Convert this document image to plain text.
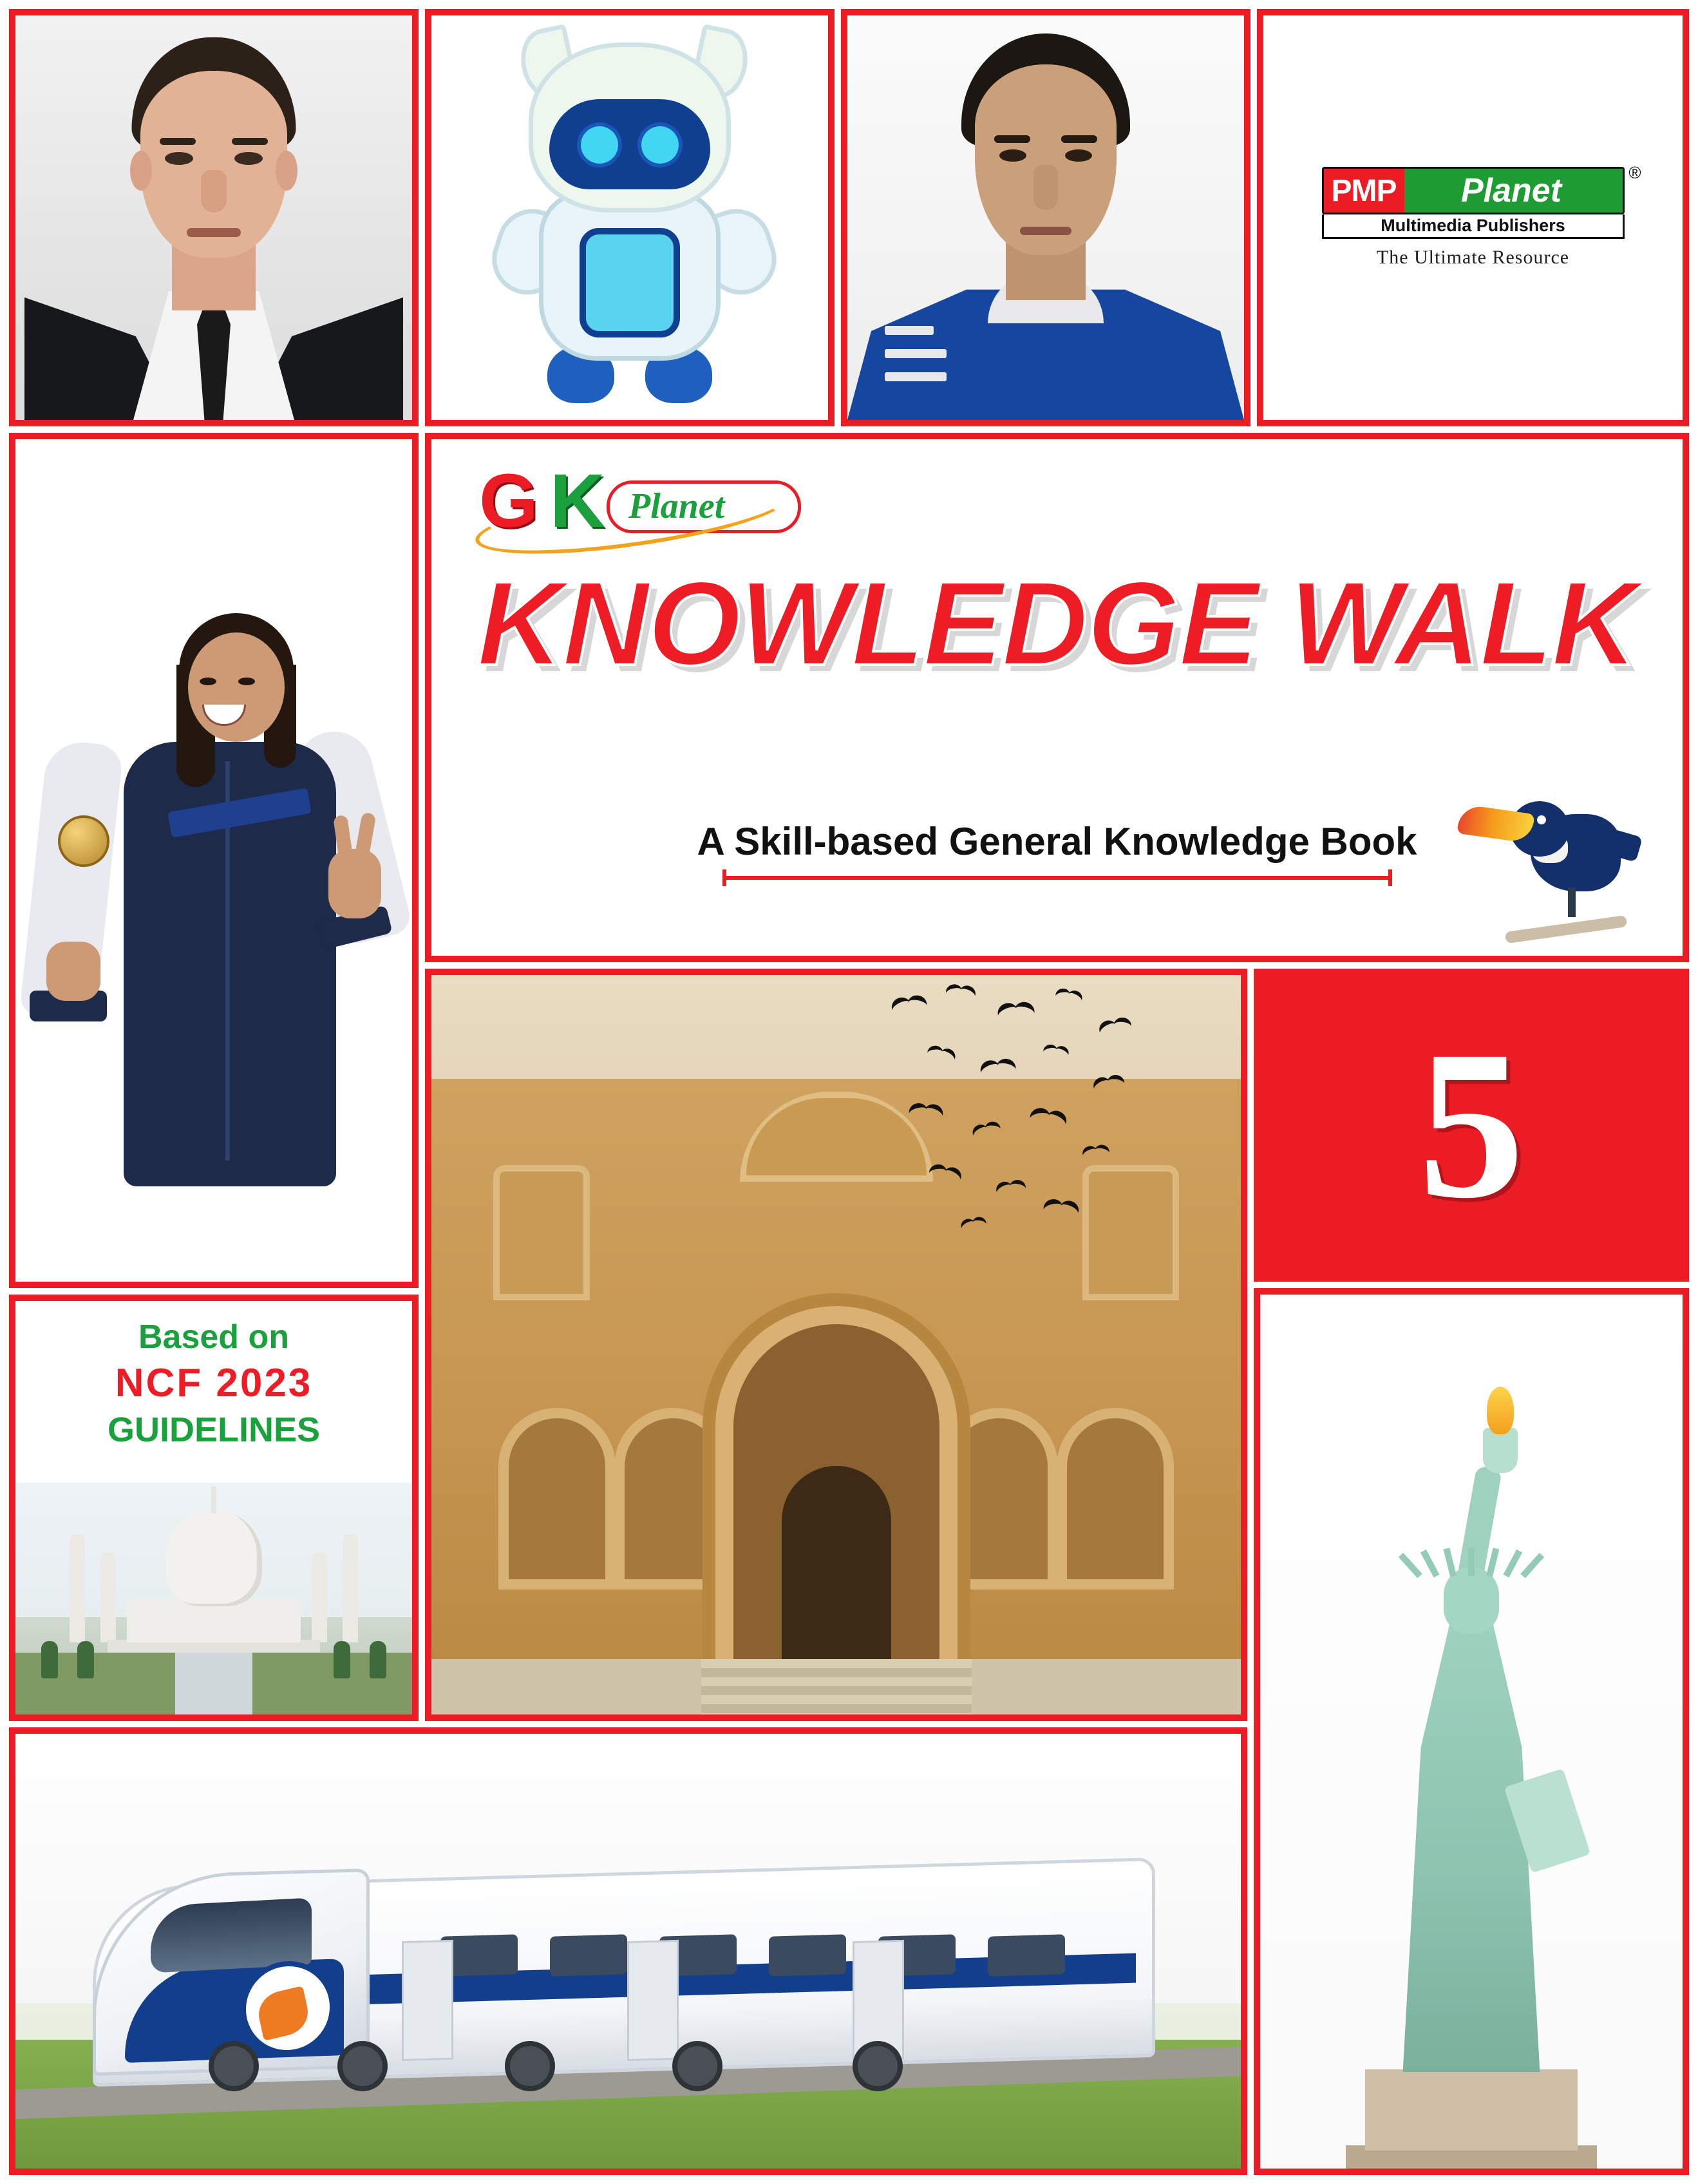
PMP	Planet	®
Multimedia Publishers
The Ultimate Resource
G K Planet
KNOWLEDGE WALK
A Skill-based General Knowledge Book
Based on
NCF 2023
GUIDELINES
5
